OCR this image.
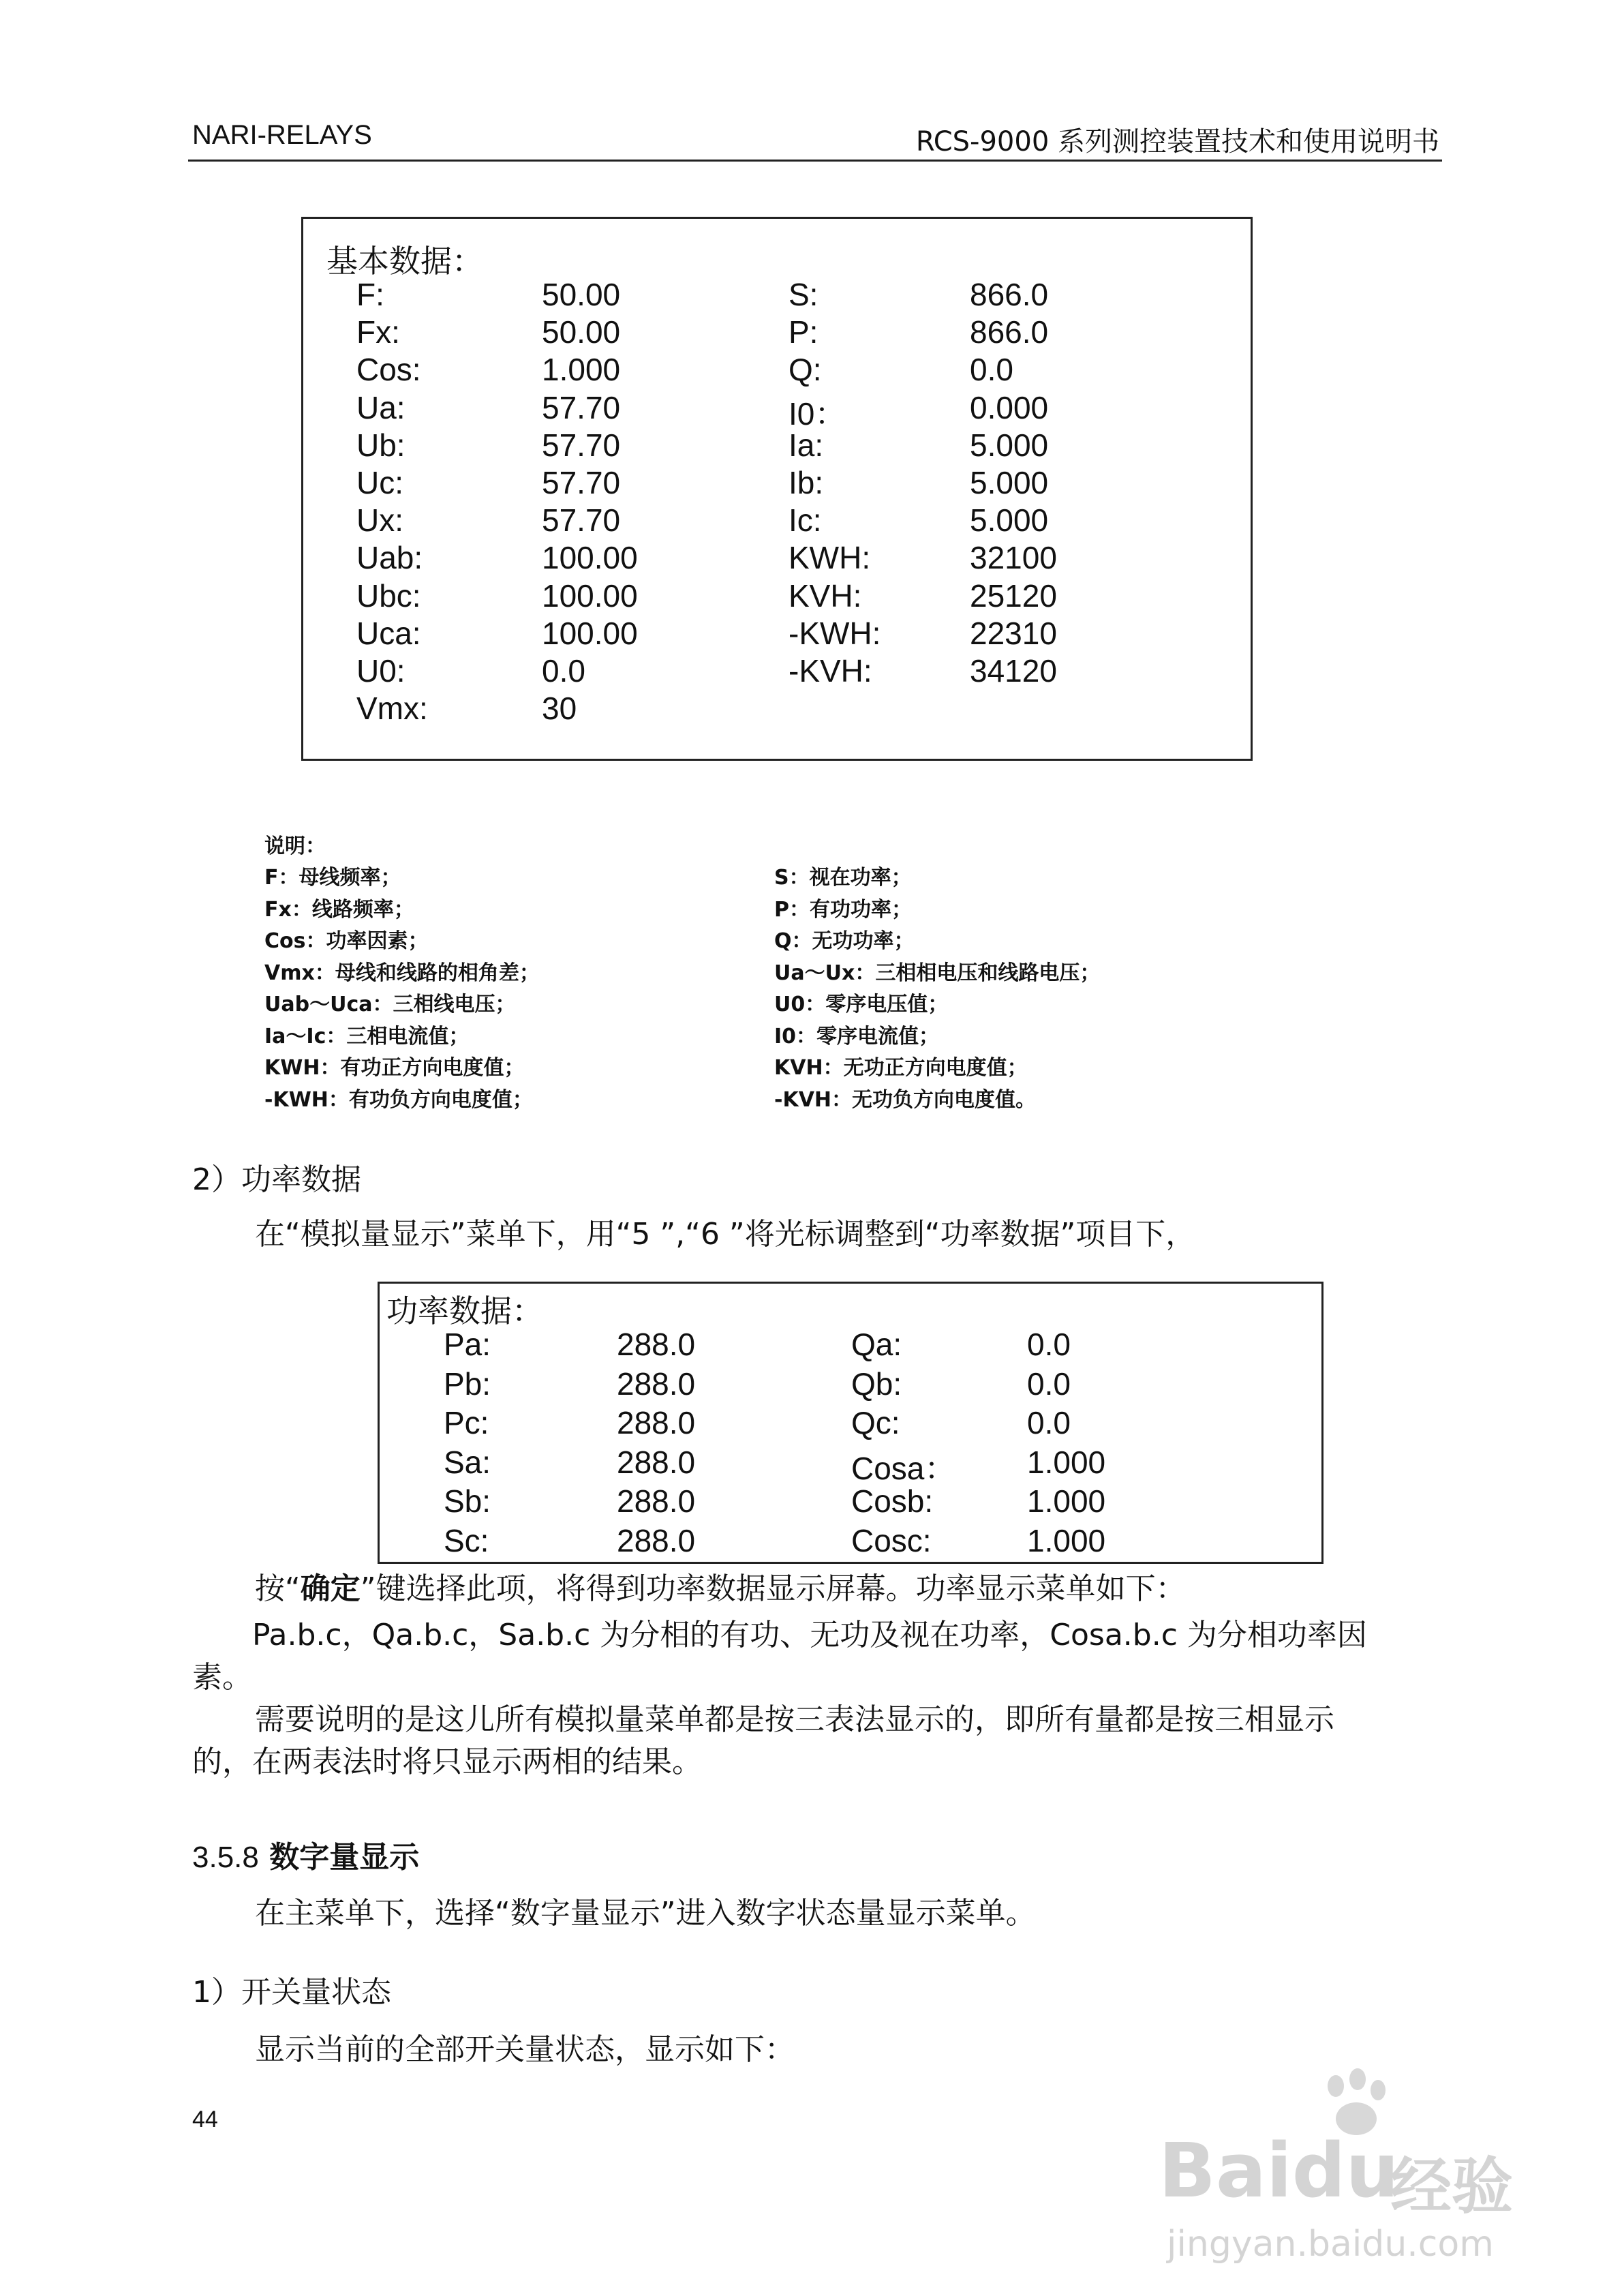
NARI-RELAYS	RCS-9000 系列测控装置技术和使用说明书
基本数据：
F:	50.00	S:	866.0
Fx:	50.00	P:	866.0
Cos:	1.000	Q:	0.0
Ua:	57.70	I0：	0.000
Ub:	57.70	Ia:	5.000
Uc:	57.70	Ib:	5.000
Ux:	57.70	Ic:	5.000
Uab:	100.00	KWH:	32100
Ubc:	100.00	KVH:	25120
Uca:	100.00	-KWH:	22310
U0:	0.0	-KVH:	34120
Vmx:	30
说明：
F：母线频率；
Fx：线路频率；
Cos：功率因素；
Vmx：母线和线路的相角差；
Uab～Uca：三相线电压；
Ia～Ic：三相电流值；
KWH：有功正方向电度值；
-KWH：有功负方向电度值；
S：视在功率；
P：有功功率；
Q：无功功率；
Ua～Ux：三相相电压和线路电压；
U0：零序电压值；
I0：零序电流值；
KVH：无功正方向电度值；
-KVH：无功负方向电度值。
2）功率数据
在“模拟量显示”菜单下，用“5 ”,“6 ”将光标调整到“功率数据”项目下，
功率数据：
Pa:	288.0	Qa:	0.0
Pb:	288.0	Qb:	0.0
Pc:	288.0	Qc:	0.0
Sa:	288.0	Cosa： 1.000
Sb:	288.0	Cosb:	1.000
Sc:	288.0	Cosc:	1.000
按“确定”键选择此项，将得到功率数据显示屏幕。功率显示菜单如下：
Pa.b.c，Qa.b.c，Sa.b.c 为分相的有功、无功及视在功率，Cosa.b.c 为分相功率因
素。
需要说明的是这儿所有模拟量菜单都是按三表法显示的，即所有量都是按三相显示
的，在两表法时将只显示两相的结果。
3.5.8 数字量显示
在主菜单下，选择“数字量显示”进入数字状态量显示菜单。
1）开关量状态
显示当前的全部开关量状态，显示如下：
44
Baidu
经验
jingyan.baidu.com
